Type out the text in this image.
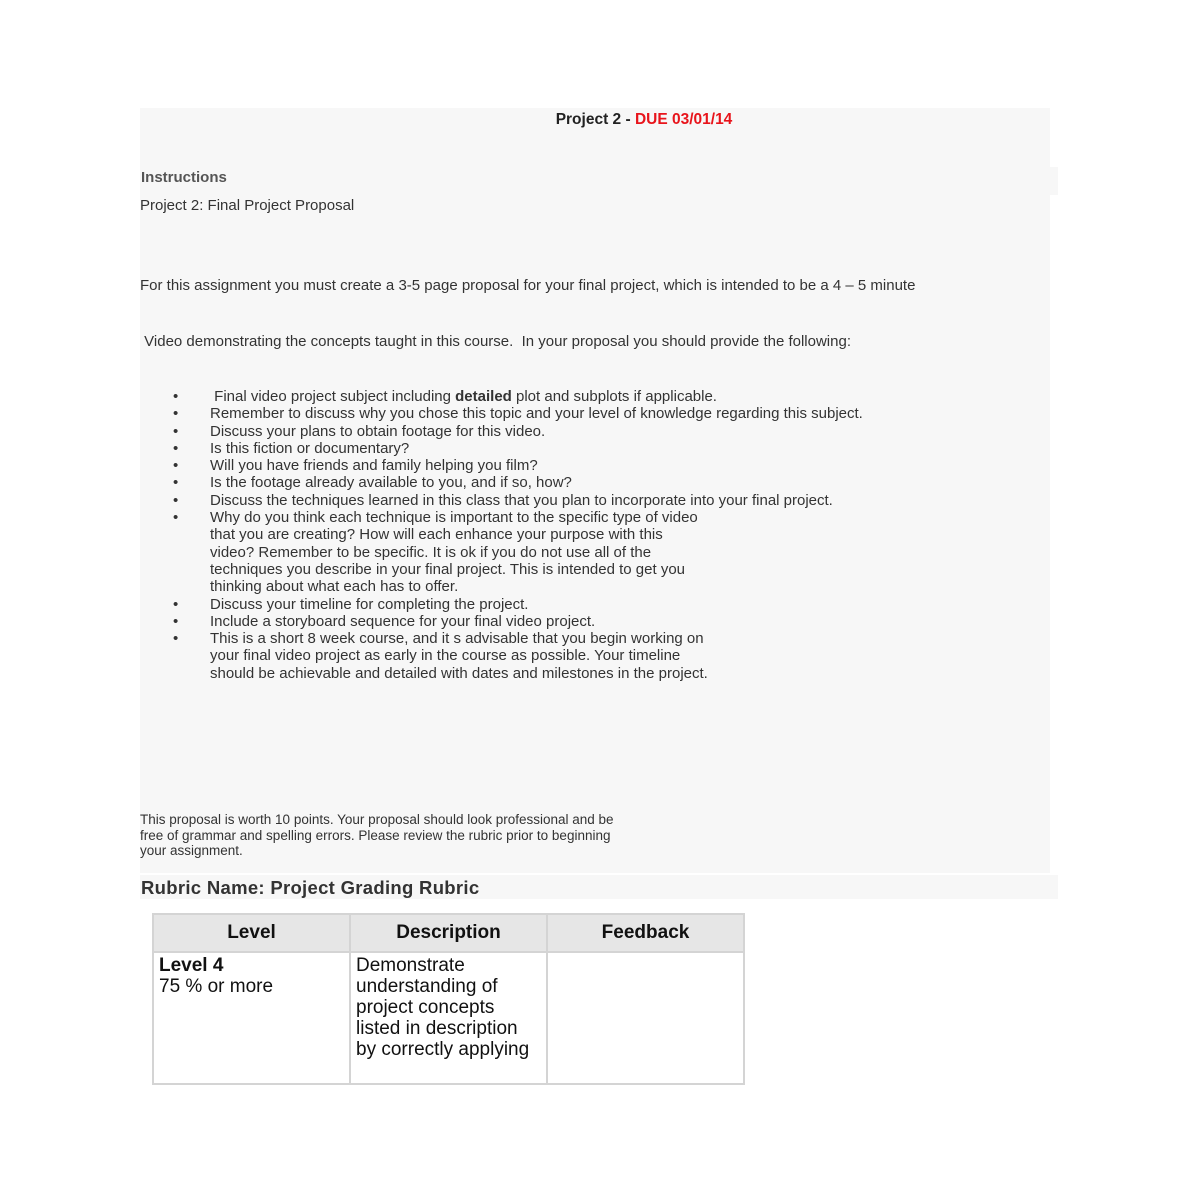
Project 2 - DUE 03/01/14
Instructions
Project 2: Final Project Proposal
For this assignment you must create a 3-5 page proposal for your final project, which is intended to be a 4 – 5 minute
Video demonstrating the concepts taught in this course.  In your proposal you should provide the following:
• Final video project subject including detailed plot and subplots if applicable.
• Remember to discuss why you chose this topic and your level of knowledge regarding this subject.
• Discuss your plans to obtain footage for this video.
• Is this fiction or documentary?
• Will you have friends and family helping you film?
• Is the footage already available to you, and if so, how?
• Discuss the techniques learned in this class that you plan to incorporate into your final project.
• Why do you think each technique is important to the specific type of video that you are creating? How will each enhance your purpose with this video? Remember to be specific. It is ok if you do not use all of the techniques you describe in your final project. This is intended to get you thinking about what each has to offer.
• Discuss your timeline for completing the project.
• Include a storyboard sequence for your final video project.
• This is a short 8 week course, and it s advisable that you begin working on your final video project as early in the course as possible. Your timeline should be achievable and detailed with dates and milestones in the project.
This proposal is worth 10 points. Your proposal should look professional and be free of grammar and spelling errors. Please review the rubric prior to beginning your assignment.
Rubric Name: Project Grading Rubric
Level	Description	Feedback

Level 4
75 % or more	Demonstrate understanding of project concepts listed in description by correctly applying	
